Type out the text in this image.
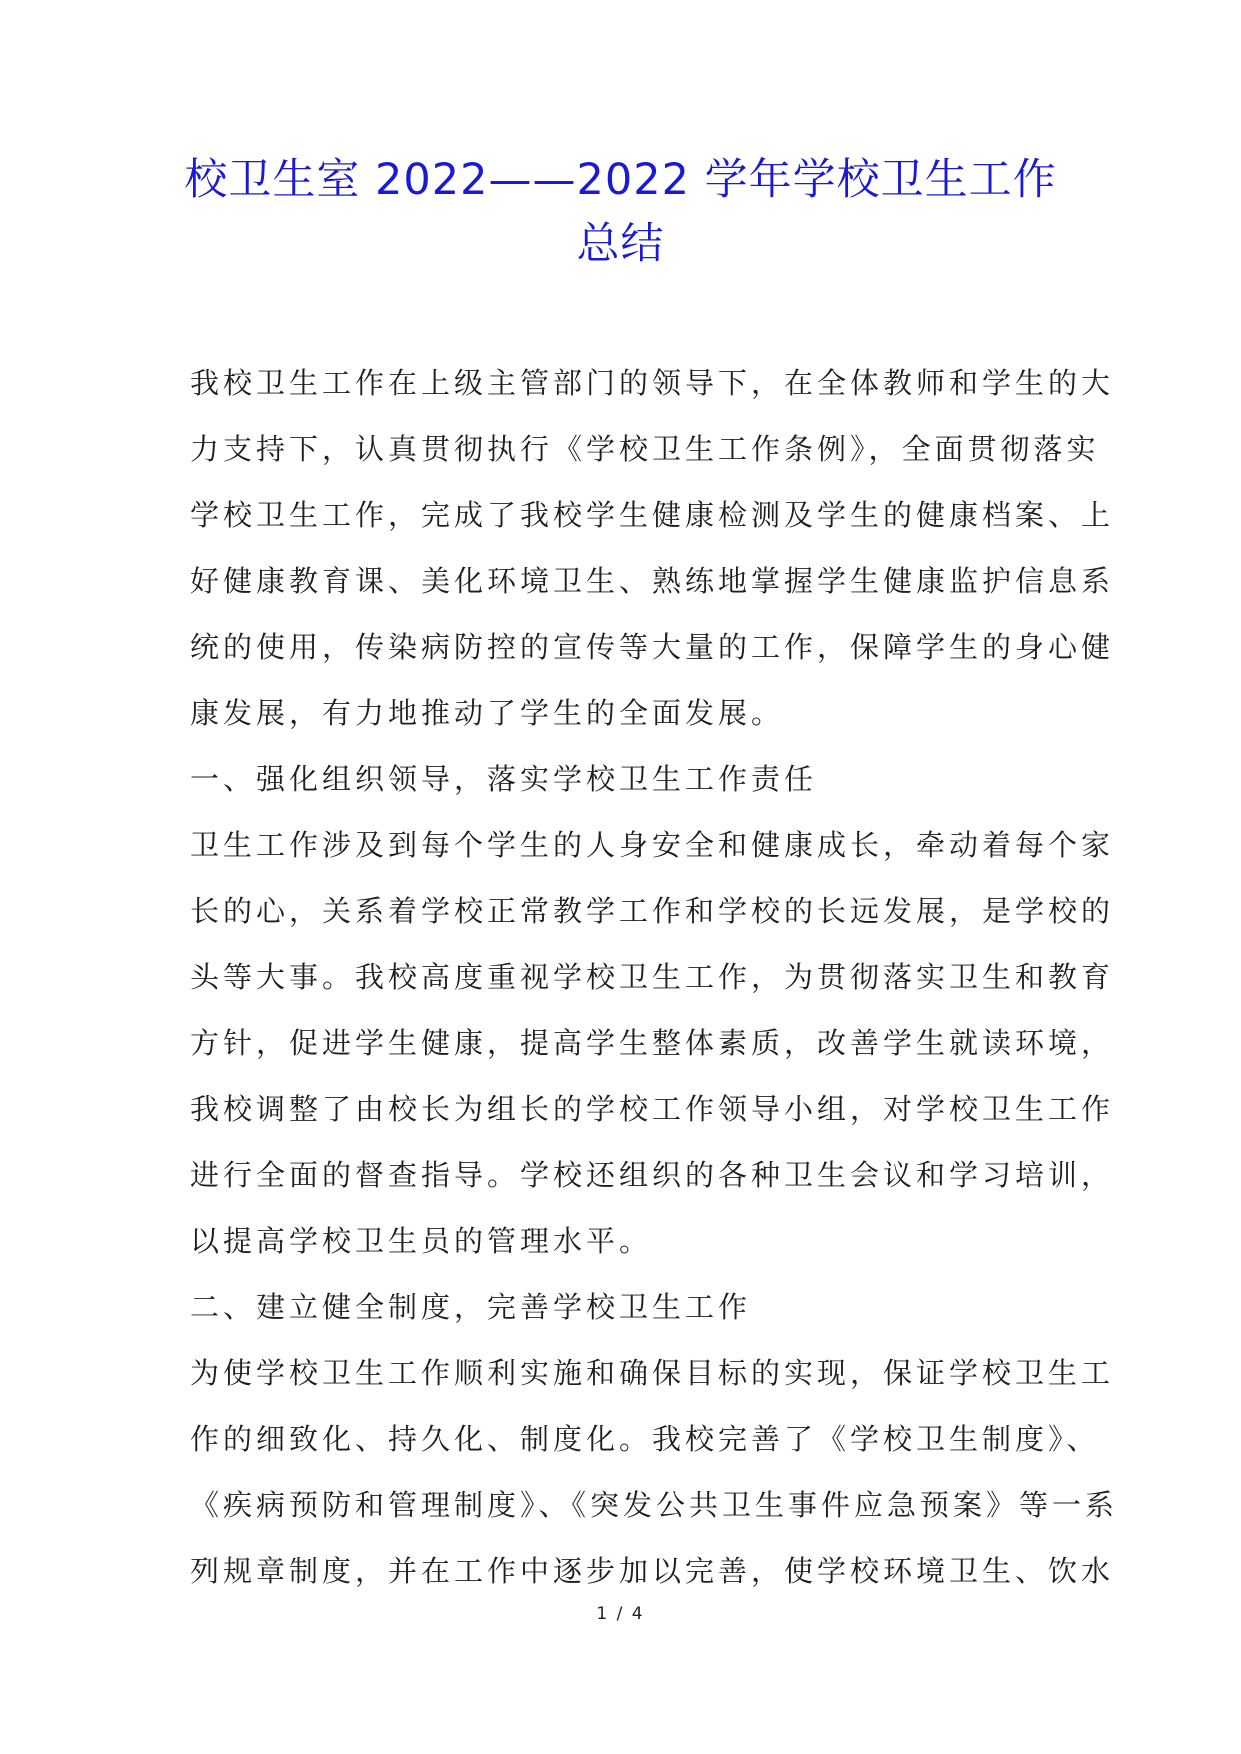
校卫生室 2022——2022 学年学校卫生工作
总结
我校卫生工作在上级主管部门的领导下，在全体教师和学生的大
力支持下，认真贯彻执行《学校卫生工作条例》，全面贯彻落实
学校卫生工作，完成了我校学生健康检测及学生的健康档案、上
好健康教育课、美化环境卫生、熟练地掌握学生健康监护信息系
统的使用，传染病防控的宣传等大量的工作，保障学生的身心健
康发展，有力地推动了学生的全面发展。
一、强化组织领导，落实学校卫生工作责任
卫生工作涉及到每个学生的人身安全和健康成长，牵动着每个家
长的心，关系着学校正常教学工作和学校的长远发展，是学校的
头等大事。我校高度重视学校卫生工作，为贯彻落实卫生和教育
方针，促进学生健康，提高学生整体素质，改善学生就读环境，
我校调整了由校长为组长的学校工作领导小组，对学校卫生工作
进行全面的督查指导。学校还组织的各种卫生会议和学习培训，
以提高学校卫生员的管理水平。
二、建立健全制度，完善学校卫生工作
为使学校卫生工作顺利实施和确保目标的实现，保证学校卫生工
作的细致化、持久化、制度化。我校完善了《学校卫生制度》、
《疾病预防和管理制度》、《突发公共卫生事件应急预案》等一系
列规章制度，并在工作中逐步加以完善，使学校环境卫生、饮水
1 / 4
